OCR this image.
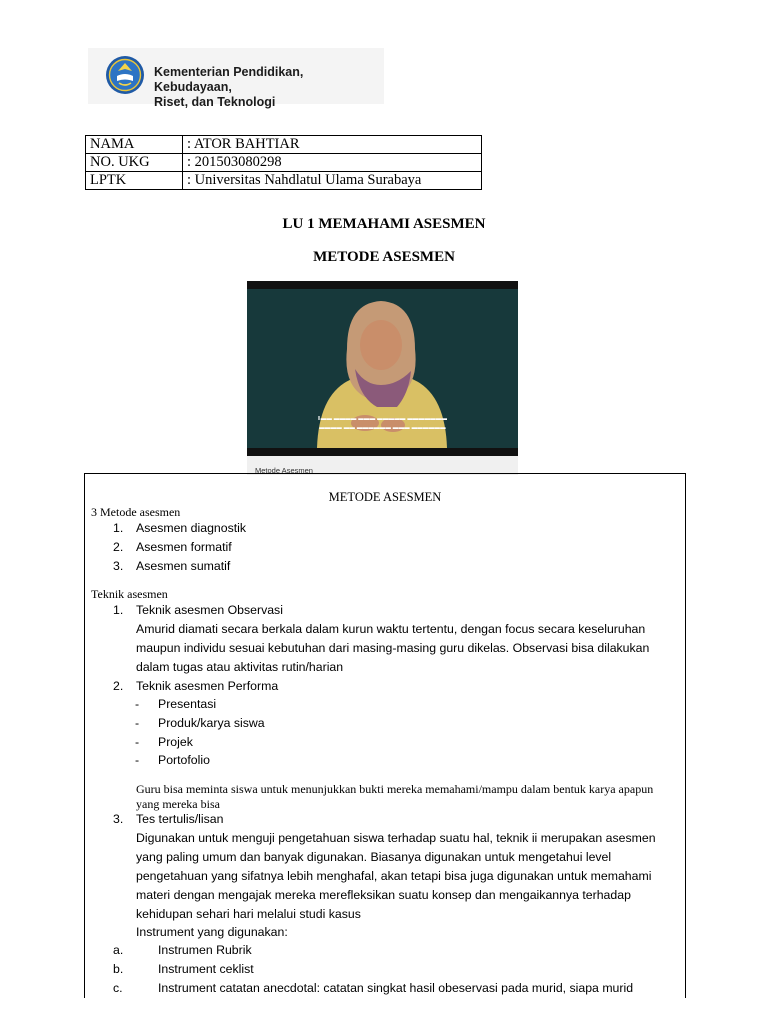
Kementerian Pendidikan, Kebudayaan,
Riset, dan Teknologi
NAMA	: ATOR BAHTIAR
NO. UKG	: 201503080298
LPTK	: Universitas Nahdlatul Ulama Surabaya
LU 1 MEMAHAMI ASESMEN
METODE ASESMEN
Ⅱ▬▬ ▬▬▬▬ ▬▬▬ ▬▬▬▬▬ ▬▬▬▬▬▬▬
▬▬▬▬ ▬▬ ▬▬▬▬▬▬ ▬▬▬ ▬▬▬▬▬▬
Metode Asesmen
METODE ASESMEN
3 Metode asesmen
1.	Asesmen diagnostik
2.	Asesmen formatif
3.	Asesmen sumatif
Teknik asesmen
1.	Teknik asesmen Observasi
Amurid diamati secara berkala dalam kurun waktu tertentu, dengan focus secara keseluruhan maupun individu sesuai kebutuhan dari masing-masing guru dikelas. Observasi bisa dilakukan dalam tugas atau aktivitas rutin/harian
2.	Teknik asesmen Performa
- Presentasi
- Produk/karya siswa
- Projek
- Portofolio
Guru bisa meminta siswa untuk menunjukkan bukti mereka memahami/mampu dalam bentuk karya apapun yang mereka bisa
3.	Tes tertulis/lisan
Digunakan untuk menguji pengetahuan siswa terhadap suatu hal, teknik ii merupakan asesmen yang paling umum dan banyak digunakan. Biasanya digunakan untuk mengetahui level pengetahuan yang sifatnya lebih menghafal, akan tetapi bisa juga digunakan untuk memahami materi dengan mengajak mereka merefleksikan suatu konsep dan mengaikannya terhadap kehidupan sehari hari melalui studi kasus
Instrument yang digunakan:
a.	Instrumen Rubrik
b.	Instrument ceklist
c.	Instrument catatan anecdotal: catatan singkat hasil obeservasi pada murid, siapa murid
